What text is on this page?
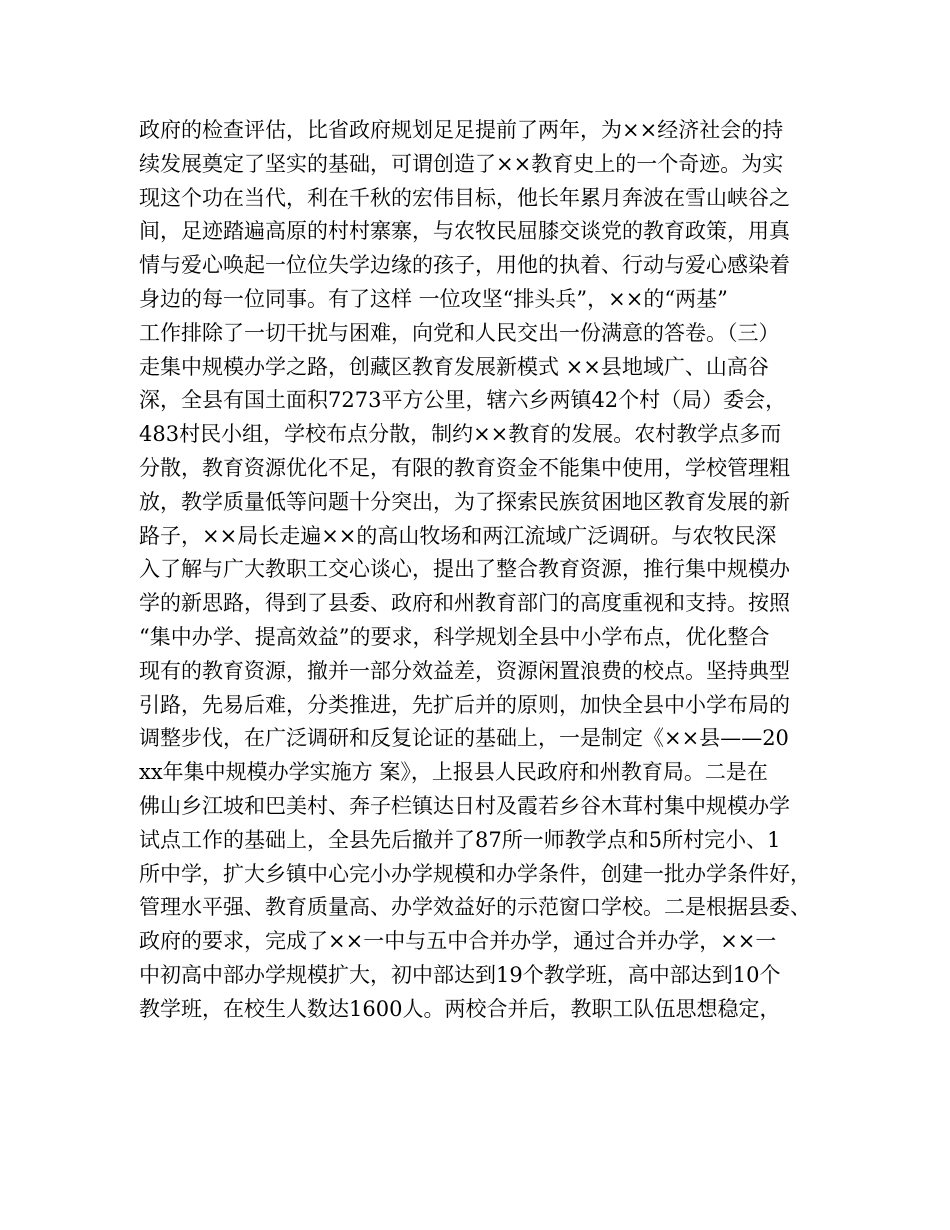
政府的检查评估，比省政府规划足足提前了两年，为××经济社会的持
续发展奠定了坚实的基础，可谓创造了××教育史上的一个奇迹。为实
现这个功在当代，利在千秋的宏伟目标，他长年累月奔波在雪山峡谷之
间，足迹踏遍高原的村村寨寨，与农牧民屈膝交谈党的教育政策，用真
情与爱心唤起一位位失学边缘的孩子，用他的执着、行动与爱心感染着
身边的每一位同事。有了这样 一位攻坚“排头兵”，××的“两基”
工作排除了一切干扰与困难，向党和人民交出一份满意的答卷。（三）
走集中规模办学之路，创藏区教育发展新模式 ××县地域广、山高谷
深，全县有国土面积7273平方公里，辖六乡两镇42个村（局）委会，
483村民小组，学校布点分散，制约××教育的发展。农村教学点多而
分散，教育资源优化不足，有限的教育资金不能集中使用，学校管理粗
放，教学质量低等问题十分突出，为了探索民族贫困地区教育发展的新
路子，××局长走遍××的高山牧场和两江流域广泛调研。与农牧民深
入了解与广大教职工交心谈心，提出了整合教育资源，推行集中规模办
学的新思路，得到了县委、政府和州教育部门的高度重视和支持。按照
“集中办学、提高效益”的要求，科学规划全县中小学布点，优化整合
现有的教育资源，撤并一部分效益差，资源闲置浪费的校点。坚持典型
引路，先易后难，分类推进，先扩后并的原则，加快全县中小学布局的
调整步伐，在广泛调研和反复论证的基础上，一是制定《××县——20
xx年集中规模办学实施方 案》，上报县人民政府和州教育局。二是在
佛山乡江坡和巴美村、奔子栏镇达日村及霞若乡谷木茸村集中规模办学
试点工作的基础上，全县先后撤并了87所一师教学点和5所村完小、1
所中学，扩大乡镇中心完小办学规模和办学条件，创建一批办学条件好，
管理水平强、教育质量高、办学效益好的示范窗口学校。二是根据县委、
政府的要求，完成了××一中与五中合并办学，通过合并办学，××一
中初高中部办学规模扩大，初中部达到19个教学班，高中部达到10个
教学班，在校生人数达1600人。两校合并后，教职工队伍思想稳定，
